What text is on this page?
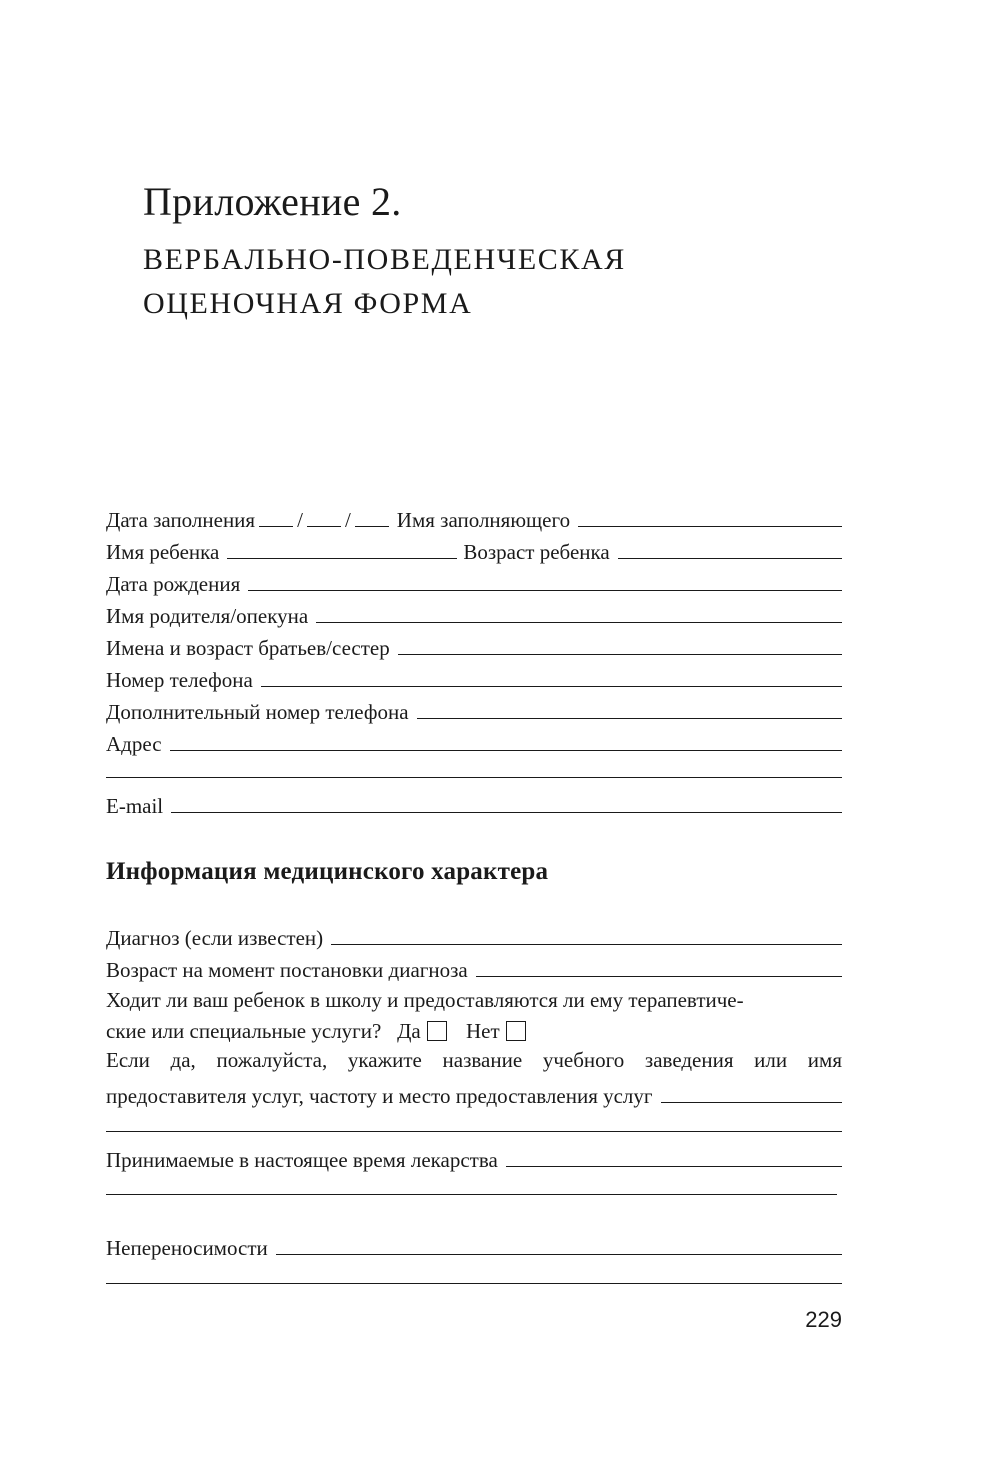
Приложение 2.
ВЕРБАЛЬНО-ПОВЕДЕНЧЕСКАЯ
ОЦЕНОЧНАЯ ФОРМА
Дата заполнения / / Имя заполняющего
Имя ребенка	Возраст ребенка
Дата рождения
Имя родителя/опекуна
Имена и возраст братьев/сестер
Номер телефона
Дополнительный номер телефона
Адрес
E-mail
Информация медицинского характера
Диагноз (если известен)
Возраст на момент постановки диагноза
Ходит ли ваш ребенок в школу и предоставляются ли ему терапевтиче-
ские или специальные услуги? Да Нет
Если да, пожалуйста, укажите название учебного заведения или имя
предоставителя услуг, частоту и место предоставления услуг
Принимаемые в настоящее время лекарства
Непереносимости
229
